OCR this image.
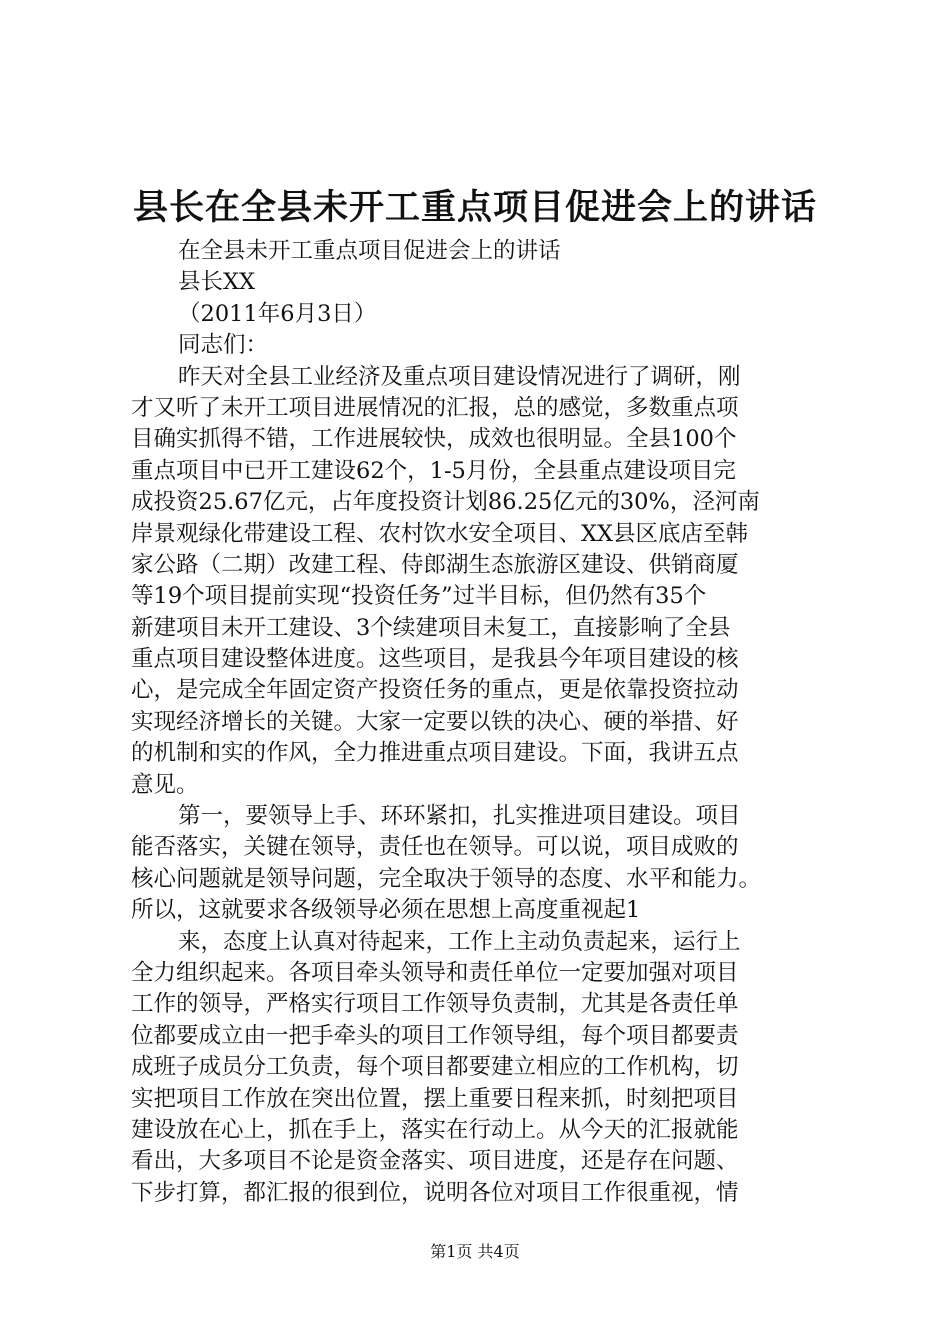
县长在全县未开工重点项目促进会上的讲话
在全县未开工重点项目促进会上的讲话
县长XX
（2011年6月3日）
同志们：
昨天对全县工业经济及重点项目建设情况进行了调研，刚
才又听了未开工项目进展情况的汇报，总的感觉，多数重点项
目确实抓得不错，工作进展较快，成效也很明显。全县100个
重点项目中已开工建设62个，1-5月份，全县重点建设项目完
成投资25.67亿元，占年度投资计划86.25亿元的30%，泾河南
岸景观绿化带建设工程、农村饮水安全项目、XX县区底店至韩
家公路（二期）改建工程、侍郎湖生态旅游区建设、供销商厦
等19个项目提前实现“投资任务”过半目标，但仍然有35个
新建项目未开工建设、3个续建项目未复工，直接影响了全县
重点项目建设整体进度。这些项目，是我县今年项目建设的核
心，是完成全年固定资产投资任务的重点，更是依靠投资拉动
实现经济增长的关键。大家一定要以铁的决心、硬的举措、好
的机制和实的作风，全力推进重点项目建设。下面，我讲五点
意见。
第一，要领导上手、环环紧扣，扎实推进项目建设。项目
能否落实，关键在领导，责任也在领导。可以说，项目成败的
核心问题就是领导问题，完全取决于领导的态度、水平和能力。
所以，这就要求各级领导必须在思想上高度重视起1
来，态度上认真对待起来，工作上主动负责起来，运行上
全力组织起来。各项目牵头领导和责任单位一定要加强对项目
工作的领导，严格实行项目工作领导负责制，尤其是各责任单
位都要成立由一把手牵头的项目工作领导组，每个项目都要责
成班子成员分工负责，每个项目都要建立相应的工作机构，切
实把项目工作放在突出位置，摆上重要日程来抓，时刻把项目
建设放在心上，抓在手上，落实在行动上。从今天的汇报就能
看出，大多项目不论是资金落实、项目进度，还是存在问题、
下步打算，都汇报的很到位，说明各位对项目工作很重视，情
第1页 共4页
